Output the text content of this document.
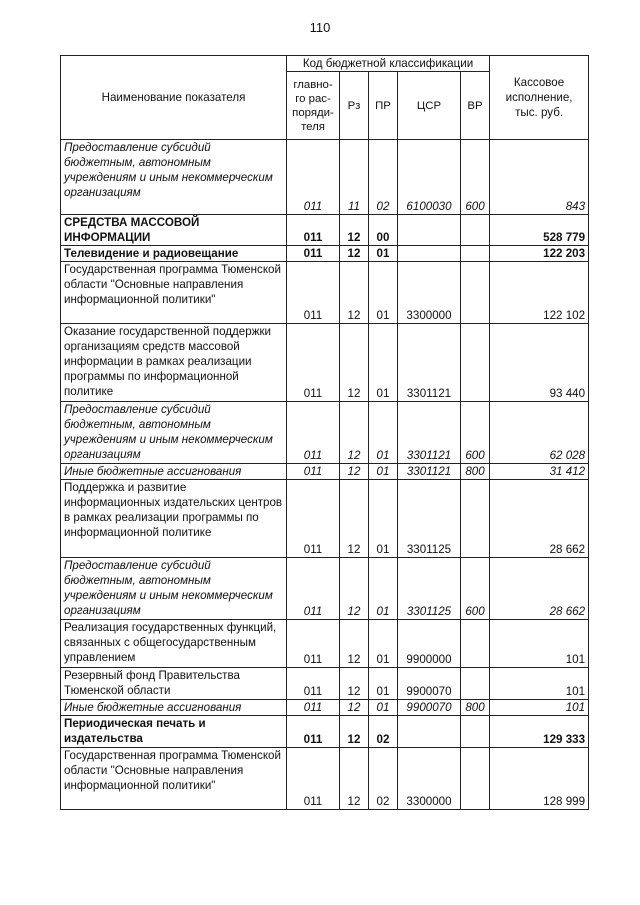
110
Наименование показателя	Код бюджетной классификации					Кассовое исполнение, тыс. руб.
	главно-го рас-поряди-теля	Рз	ПР	ЦСР	ВР	
Предоставление субсидий бюджетным, автономным учреждениям и иным некоммерческим организациям	011	11	02	6100030	600	843
СРЕДСТВА МАССОВОЙ ИНФОРМАЦИИ	011	12	00			528 779
Телевидение и радиовещание	011	12	01			122 203
Государственная программа Тюменской области "Основные направления информационной политики"	011	12	01	3300000		122 102
Оказание государственной поддержки организациям средств массовой информации в рамках реализации программы по информационной политике	011	12	01	3301121		93 440
Предоставление субсидий бюджетным, автономным учреждениям и иным некоммерческим организациям	011	12	01	3301121	600	62 028
Иные бюджетные ассигнования	011	12	01	3301121	800	31 412
Поддержка и развитие информационных издательских центров в рамках реализации программы по информационной политике	011	12	01	3301125		28 662
Предоставление субсидий бюджетным, автономным учреждениям и иным некоммерческим организациям	011	12	01	3301125	600	28 662
Реализация государственных функций, связанных с общегосударственным управлением	011	12	01	9900000		101
Резервный фонд Правительства Тюменской области	011	12	01	9900070		101
Иные бюджетные ассигнования	011	12	01	9900070	800	101
Периодическая печать и издательства	011	12	02			129 333
Государственная программа Тюменской области "Основные направления информационной политики"	011	12	02	3300000		128 999
